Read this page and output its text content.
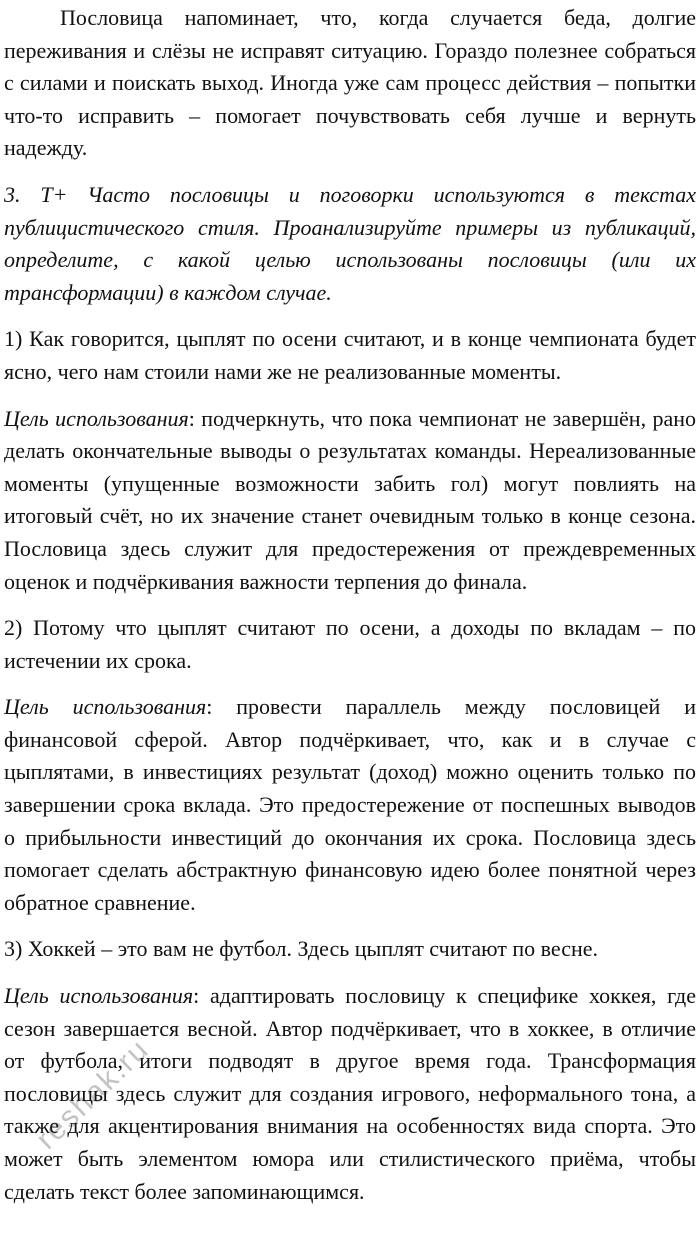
Пословица напоминает, что, когда случается беда, долгие переживания и слёзы не исправят ситуацию. Гораздо полезнее собраться с силами и поискать выход. Иногда уже сам процесс действия – попытки что-то исправить – помогает почувствовать себя лучше и вернуть надежду.

3. Т+ Часто пословицы и поговорки используются в текстах публицистического стиля. Проанализируйте примеры из публикаций, определите, с какой целью использованы пословицы (или их трансформации) в каждом случае.

1) Как говорится, цыплят по осени считают, и в конце чемпионата будет ясно, чего нам стоили нами же не реализованные моменты.

Цель использования: подчеркнуть, что пока чемпионат не завершён, рано делать окончательные выводы о результатах команды. Нереализованные моменты (упущенные возможности забить гол) могут повлиять на итоговый счёт, но их значение станет очевидным только в конце сезона. Пословица здесь служит для предостережения от преждевременных оценок и подчёркивания важности терпения до финала.

2) Потому что цыплят считают по осени, а доходы по вкладам – по истечении их срока.

Цель использования: провести параллель между пословицей и финансовой сферой. Автор подчёркивает, что, как и в случае с цыплятами, в инвестициях результат (доход) можно оценить только по завершении срока вклада. Это предостережение от поспешных выводов о прибыльности инвестиций до окончания их срока. Пословица здесь помогает сделать абстрактную финансовую идею более понятной через обратное сравнение.

3) Хоккей – это вам не футбол. Здесь цыплят считают по весне.

Цель использования: адаптировать пословицу к специфике хоккея, где сезон завершается весной. Автор подчёркивает, что в хоккее, в отличие от футбола, итоги подводят в другое время года. Трансформация пословицы здесь служит для создания игрового, неформального тона, а также для акцентирования внимания на особенностях вида спорта. Это может быть элементом юмора или стилистического приёма, чтобы сделать текст более запоминающимся.

reshak.ru
